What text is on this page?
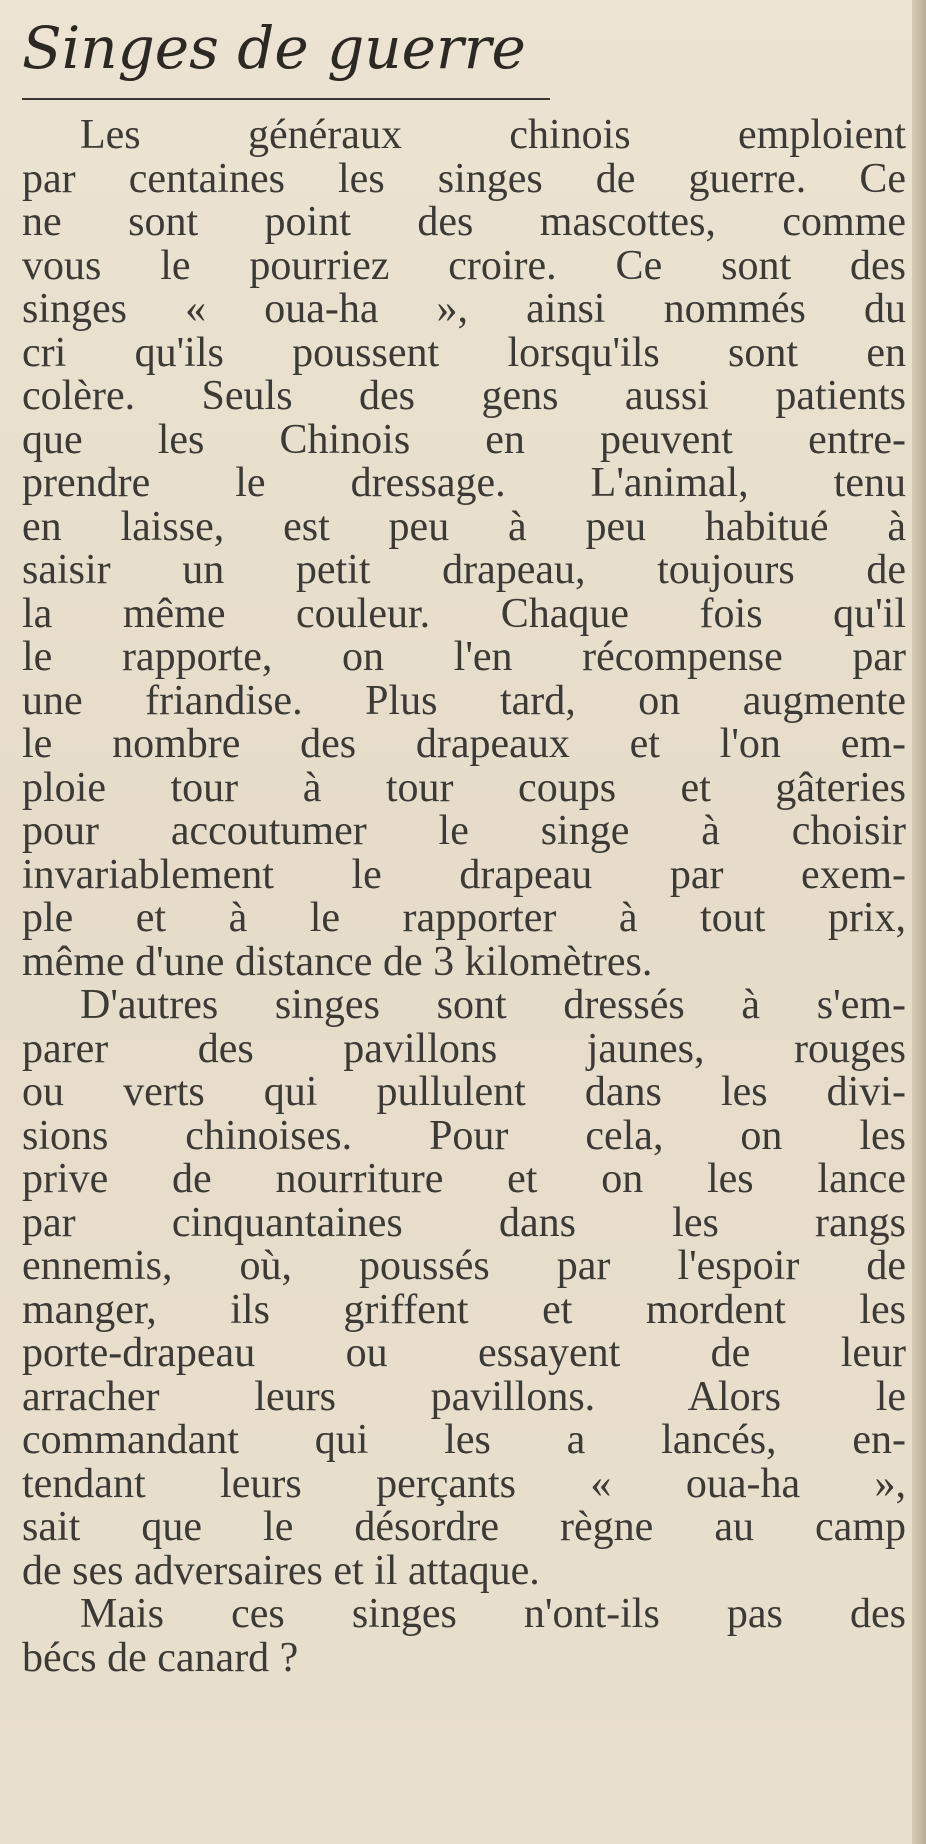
Singes de guerre
Les généraux chinois emploient
par centaines les singes de guerre. Ce
ne sont point des mascottes, comme
vous le pourriez croire. Ce sont des
singes « oua-ha », ainsi nommés du
cri qu'ils poussent lorsqu'ils sont en
colère. Seuls des gens aussi patients
que les Chinois en peuvent entre-
prendre le dressage. L'animal, tenu
en laisse, est peu à peu habitué à
saisir un petit drapeau, toujours de
la même couleur. Chaque fois qu'il
le rapporte, on l'en récompense par
une friandise. Plus tard, on augmente
le nombre des drapeaux et l'on em-
ploie tour à tour coups et gâteries
pour accoutumer le singe à choisir
invariablement le drapeau par exem-
ple et à le rapporter à tout prix,
même d'une distance de 3 kilomètres.
D'autres singes sont dressés à s'em-
parer des pavillons jaunes, rouges
ou verts qui pullulent dans les divi-
sions chinoises. Pour cela, on les
prive de nourriture et on les lance
par cinquantaines dans les rangs
ennemis, où, poussés par l'espoir de
manger, ils griffent et mordent les
porte-drapeau ou essayent de leur
arracher leurs pavillons. Alors le
commandant qui les a lancés, en-
tendant leurs perçants « oua-ha »,
sait que le désordre règne au camp
de ses adversaires et il attaque.
Mais ces singes n'ont-ils pas des
bécs de canard ?
